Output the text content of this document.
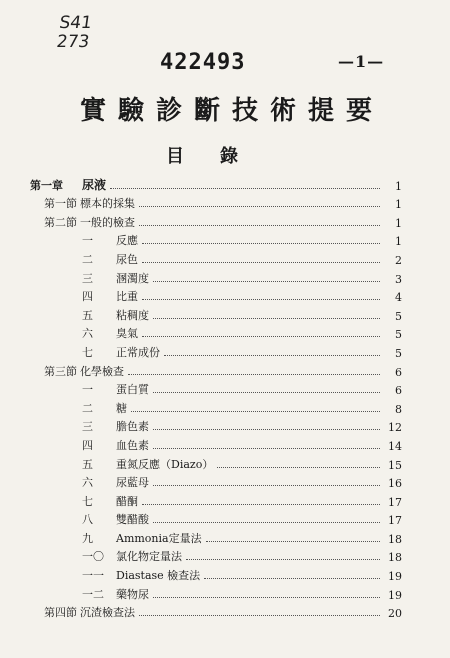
S41
273
422493	—1—
實驗診斷技術提要
目錄
第一章	尿液	1
第一節 標本的採集	1
第二節 一般的檢查	1
一	反應	1
二	尿色	2
三	溷濁度	3
四	比重	4
五	粘稠度	5
六	臭氣	5
七	正常成份	5
第三節 化學檢查	6
一	蛋白質	6
二	糖	8
三	膽色素	12
四	血色素	14
五	重氮反應（Diazo）	15
六	尿藍母	16
七	醋酮	17
八	雙醋酸	17
九	Ammonia定量法	18
一〇	氯化物定量法	18
一一	Diastase 檢查法	19
一二	藥物尿	19
第四節 沉渣檢查法	20
